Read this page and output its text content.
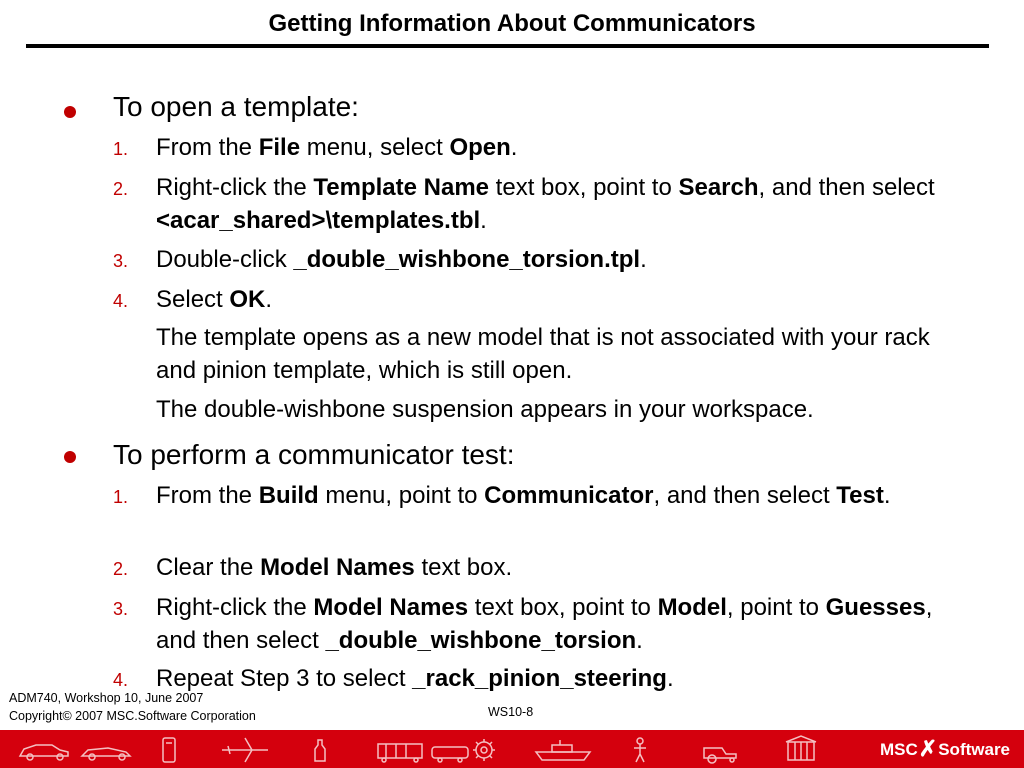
Getting Information About Communicators
To open a template:
1. From the File menu, select Open.
2. Right-click the Template Name text box, point to Search, and then select <acar_shared>\templates.tbl.
3. Double-click _double_wishbone_torsion.tpl.
4. Select OK.
The template opens as a new model that is not associated with your rack and pinion template, which is still open.
The double-wishbone suspension appears in your workspace.
To perform a communicator test:
1. From the Build menu, point to Communicator, and then select Test.
2. Clear the Model Names text box.
3. Right-click the Model Names text box, point to Model, point to Guesses, and then select _double_wishbone_torsion.
4. Repeat Step 3 to select _rack_pinion_steering.
ADM740, Workshop 10, June 2007
Copyright© 2007 MSC.Software Corporation	WS10-8
MSC✗Software
